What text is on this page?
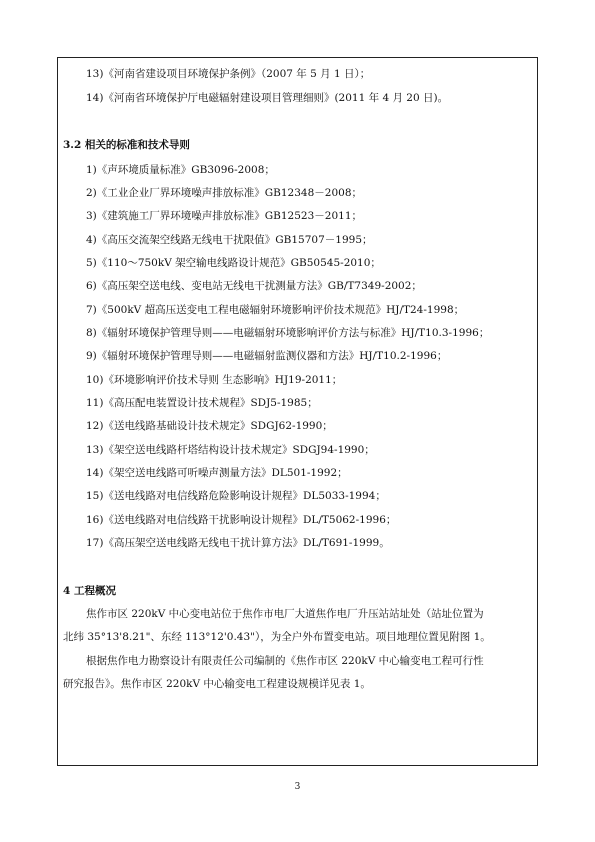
13)《河南省建设项目环境保护条例》（2007 年 5 月 1 日）；
14)《河南省环境保护厅电磁辐射建设项目管理细则》(2011 年 4 月 20 日)。
3.2 相关的标准和技术导则
1)《声环境质量标准》GB3096-2008；
2)《工业企业厂界环境噪声排放标准》GB12348－2008；
3)《建筑施工厂界环境噪声排放标准》GB12523－2011；
4)《高压交流架空线路无线电干扰限值》GB15707－1995；
5)《110～750kV 架空输电线路设计规范》GB50545-2010；
6)《高压架空送电线、变电站无线电干扰测量方法》GB/T7349-2002；
7)《500kV 超高压送变电工程电磁辐射环境影响评价技术规范》HJ/T24-1998；
8)《辐射环境保护管理导则——电磁辐射环境影响评价方法与标准》HJ/T10.3-1996；
9)《辐射环境保护管理导则——电磁辐射监测仪器和方法》HJ/T10.2-1996；
10)《环境影响评价技术导则 生态影响》HJ19-2011；
11)《高压配电装置设计技术规程》SDJ5-1985；
12)《送电线路基础设计技术规定》SDGJ62-1990；
13)《架空送电线路杆塔结构设计技术规定》SDGJ94-1990；
14)《架空送电线路可听噪声测量方法》DL501-1992；
15)《送电线路对电信线路危险影响设计规程》DL5033-1994；
16)《送电线路对电信线路干扰影响设计规程》DL/T5062-1996；
17)《高压架空送电线路无线电干扰计算方法》DL/T691-1999。
4 工程概况
焦作市区 220kV 中心变电站位于焦作市电厂大道焦作电厂升压站站址处（站址位置为
北纬 35°13'8.21"、东经 113°12'0.43"），为全户外布置变电站。项目地理位置见附图 1。
根据焦作电力勘察设计有限责任公司编制的《焦作市区 220kV 中心输变电工程可行性
研究报告》。焦作市区 220kV 中心输变电工程建设规模详见表 1。
3
